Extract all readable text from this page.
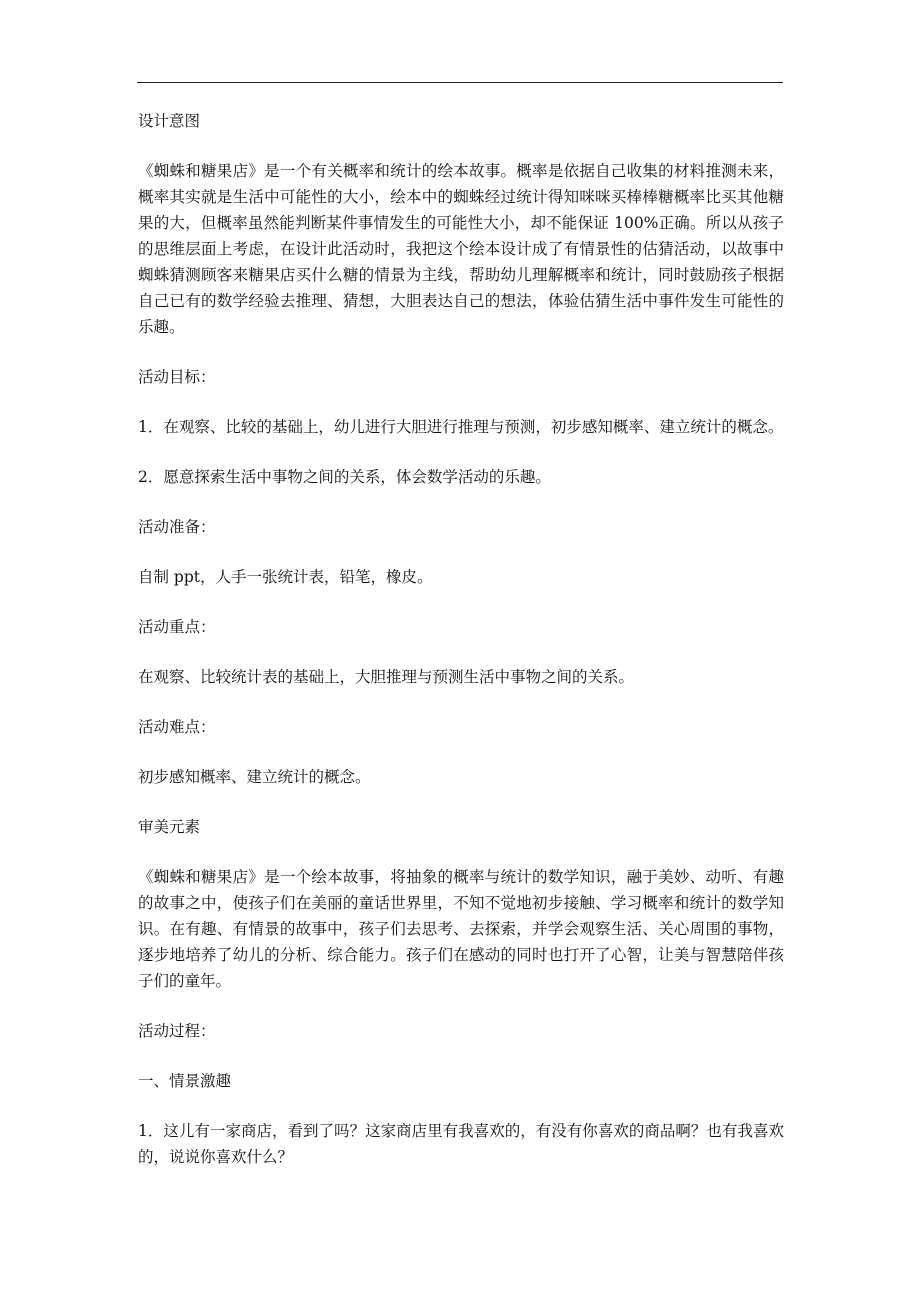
设计意图

《蜘蛛和糖果店》是一个有关概率和统计的绘本故事。概率是依据自己收集的材料推测未来，概率其实就是生活中可能性的大小，绘本中的蜘蛛经过统计得知咪咪买棒棒糖概率比买其他糖果的大，但概率虽然能判断某件事情发生的可能性大小，却不能保证 100%正确。所以从孩子的思维层面上考虑，在设计此活动时，我把这个绘本设计成了有情景性的估猜活动，以故事中蜘蛛猜测顾客来糖果店买什么糖的情景为主线，帮助幼儿理解概率和统计，同时鼓励孩子根据自己已有的数学经验去推理、猜想，大胆表达自己的想法，体验估猜生活中事件发生可能性的乐趣。

活动目标：

1．在观察、比较的基础上，幼儿进行大胆进行推理与预测，初步感知概率、建立统计的概念。

2．愿意探索生活中事物之间的关系，体会数学活动的乐趣。

活动准备：

自制 ppt，人手一张统计表，铅笔，橡皮。

活动重点：

在观察、比较统计表的基础上，大胆推理与预测生活中事物之间的关系。

活动难点：

初步感知概率、建立统计的概念。

审美元素

《蜘蛛和糖果店》是一个绘本故事，将抽象的概率与统计的数学知识，融于美妙、动听、有趣的故事之中，使孩子们在美丽的童话世界里，不知不觉地初步接触、学习概率和统计的数学知识。在有趣、有情景的故事中，孩子们去思考、去探索，并学会观察生活、关心周围的事物，逐步地培养了幼儿的分析、综合能力。孩子们在感动的同时也打开了心智，让美与智慧陪伴孩子们的童年。

活动过程：

一、情景激趣

1．这儿有一家商店，看到了吗？这家商店里有我喜欢的，有没有你喜欢的商品啊？也有我喜欢的，说说你喜欢什么？
